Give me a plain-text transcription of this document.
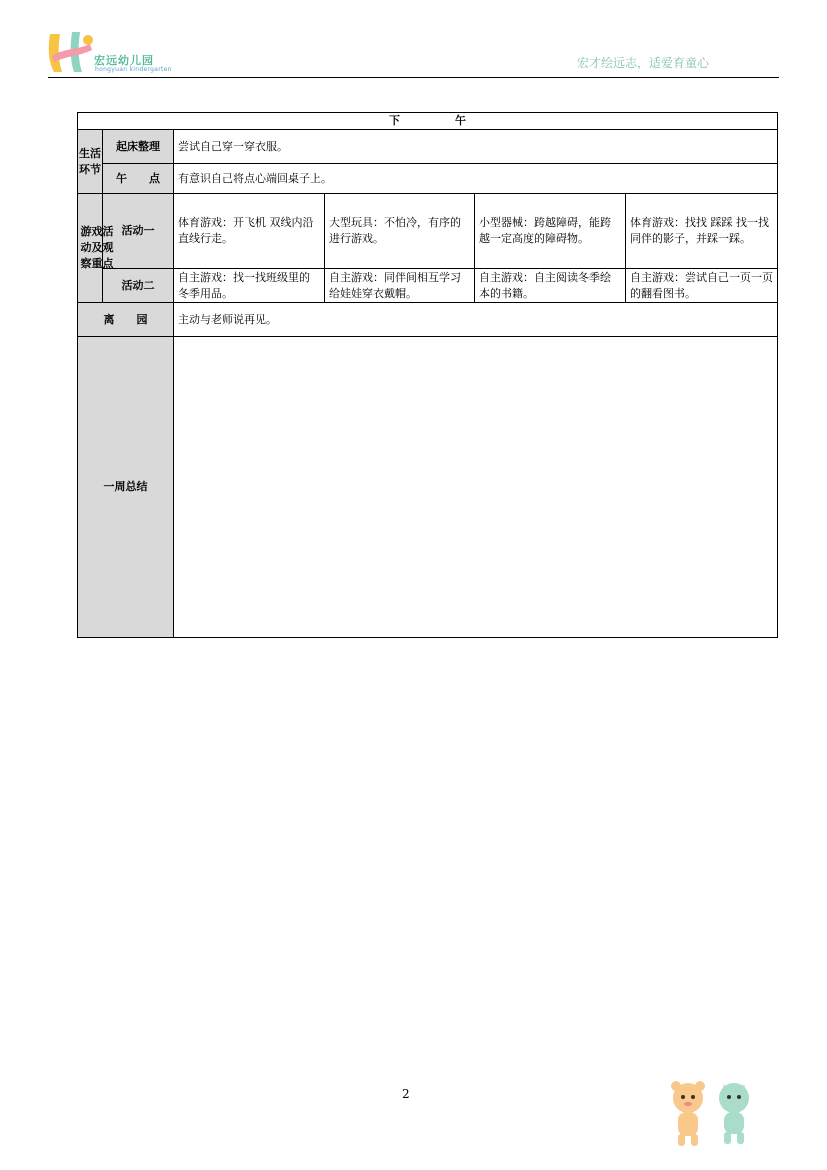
宏远幼儿园
hongyuan kindergarten	宏才绘远志，适爱育童心
下　　　　　午					
生活环节	起床整理	尝试自己穿一穿衣服。			
	午　　点	有意识自己将点心端回桌子上。			

游戏活动及观察重点	活动一	体育游戏：开飞机 双线内沿直线行走。	大型玩具：不怕冷，有序的进行游戏。	小型器械：跨越障碍，能跨越一定高度的障碍物。	体育游戏：找找 踩踩 找一找同伴的影子，并踩一踩。
	活动二	自主游戏：找一找班级里的冬季用品。	自主游戏：同伴间相互学习给娃娃穿衣戴帽。	自主游戏：自主阅读冬季绘本的书籍。	自主游戏：尝试自己一页一页的翻看图书。
离　　园		主动与老师说再见。			
一周总结					
2
